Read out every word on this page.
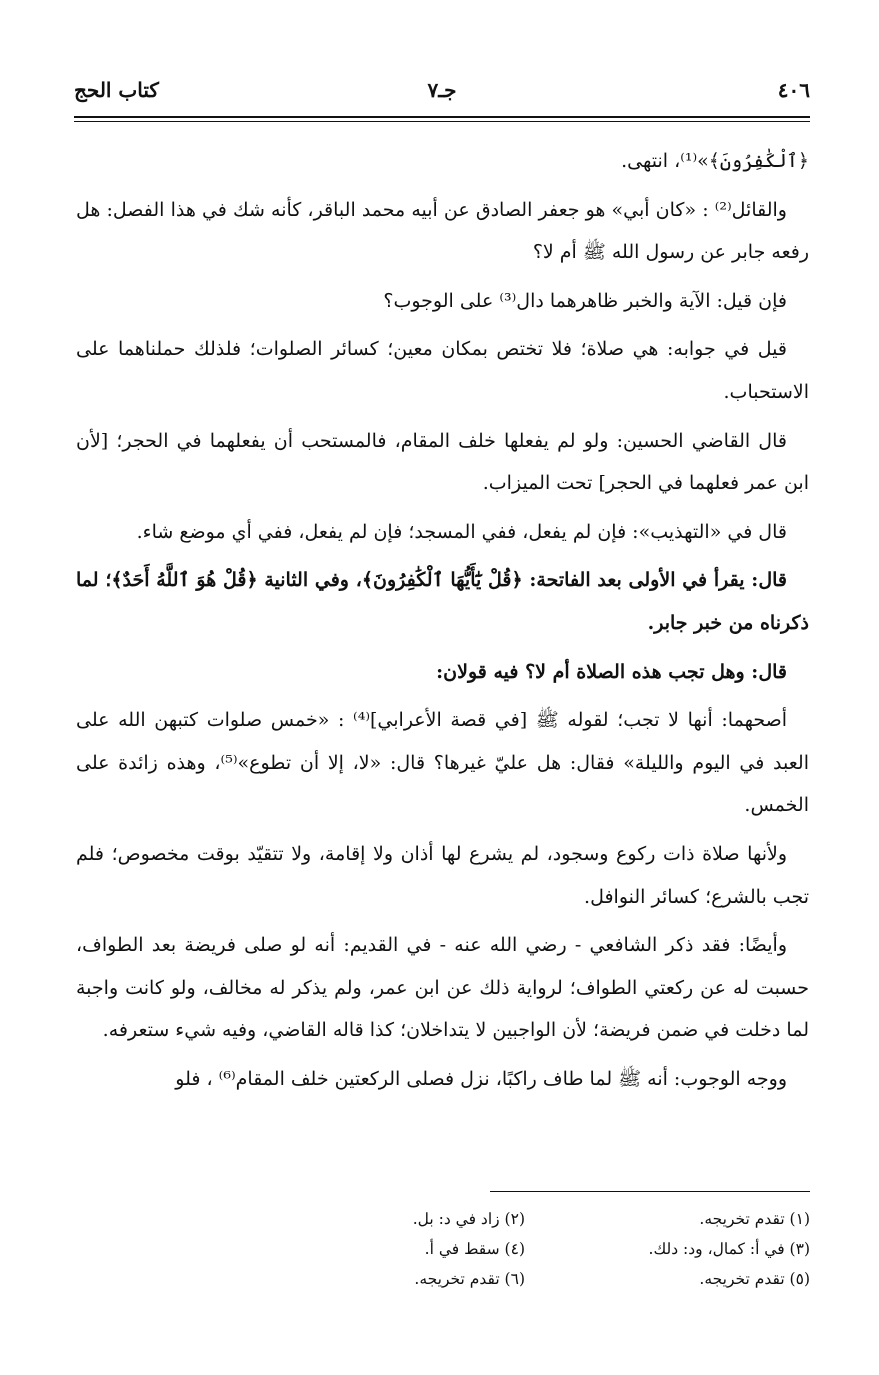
٤٠٦
جـ٧
كتاب الحج

﴿ٱلْكَٰفِرُونَ﴾»⁽¹⁾، انتهى.

والقائل⁽²⁾ : «كان أبي» هو جعفر الصادق عن أبيه محمد الباقر، كأنه شك في هذا الفصل: هل رفعه جابر عن رسول الله ﷺ أم لا؟

فإن قيل: الآية والخبر ظاهرهما دال⁽³⁾ على الوجوب؟

قيل في جوابه: هي صلاة؛ فلا تختص بمكان معين؛ كسائر الصلوات؛ فلذلك حملناهما على الاستحباب.

قال القاضي الحسين: ولو لم يفعلها خلف المقام، فالمستحب أن يفعلهما في الحجر؛ [لأن ابن عمر فعلهما في الحجر] تحت الميزاب.

قال في «التهذيب»: فإن لم يفعل، ففي المسجد؛ فإن لم يفعل، ففي أي موضع شاء.

قال: يقرأ في الأولى بعد الفاتحة: ﴿قُلْ يَٰٓأَيُّهَا ٱلْكَٰفِرُونَ﴾، وفي الثانية ﴿قُلْ هُوَ ٱللَّهُ أَحَدٌ﴾؛ لما ذكرناه من خبر جابر.

قال: وهل تجب هذه الصلاة أم لا؟ فيه قولان:

أصحهما: أنها لا تجب؛ لقوله ﷺ [في قصة الأعرابي]⁽⁴⁾ : «خمس صلوات كتبهن الله على العبد في اليوم والليلة» فقال: هل عليّ غيرها؟ قال: «لا، إلا أن تطوع»⁽⁵⁾، وهذه زائدة على الخمس.

ولأنها صلاة ذات ركوع وسجود، لم يشرع لها أذان ولا إقامة، ولا تتقيّد بوقت مخصوص؛ فلم تجب بالشرع؛ كسائر النوافل.

وأيضًا: فقد ذكر الشافعي - رضي الله عنه - في القديم: أنه لو صلى فريضة بعد الطواف، حسبت له عن ركعتي الطواف؛ لرواية ذلك عن ابن عمر، ولم يذكر له مخالف، ولو كانت واجبة لما دخلت في ضمن فريضة؛ لأن الواجبين لا يتداخلان؛ كذا قاله القاضي، وفيه شيء ستعرفه.

ووجه الوجوب: أنه ﷺ لما طاف راكبًا، نزل فصلى الركعتين خلف المقام⁽⁶⁾ ، فلو

(١) تقدم تخريجه.
(٢) زاد في د: بل.
(٣) في أ: كمال، ود: دلك.
(٤) سقط في أ.
(٥) تقدم تخريجه.
(٦) تقدم تخريجه.
